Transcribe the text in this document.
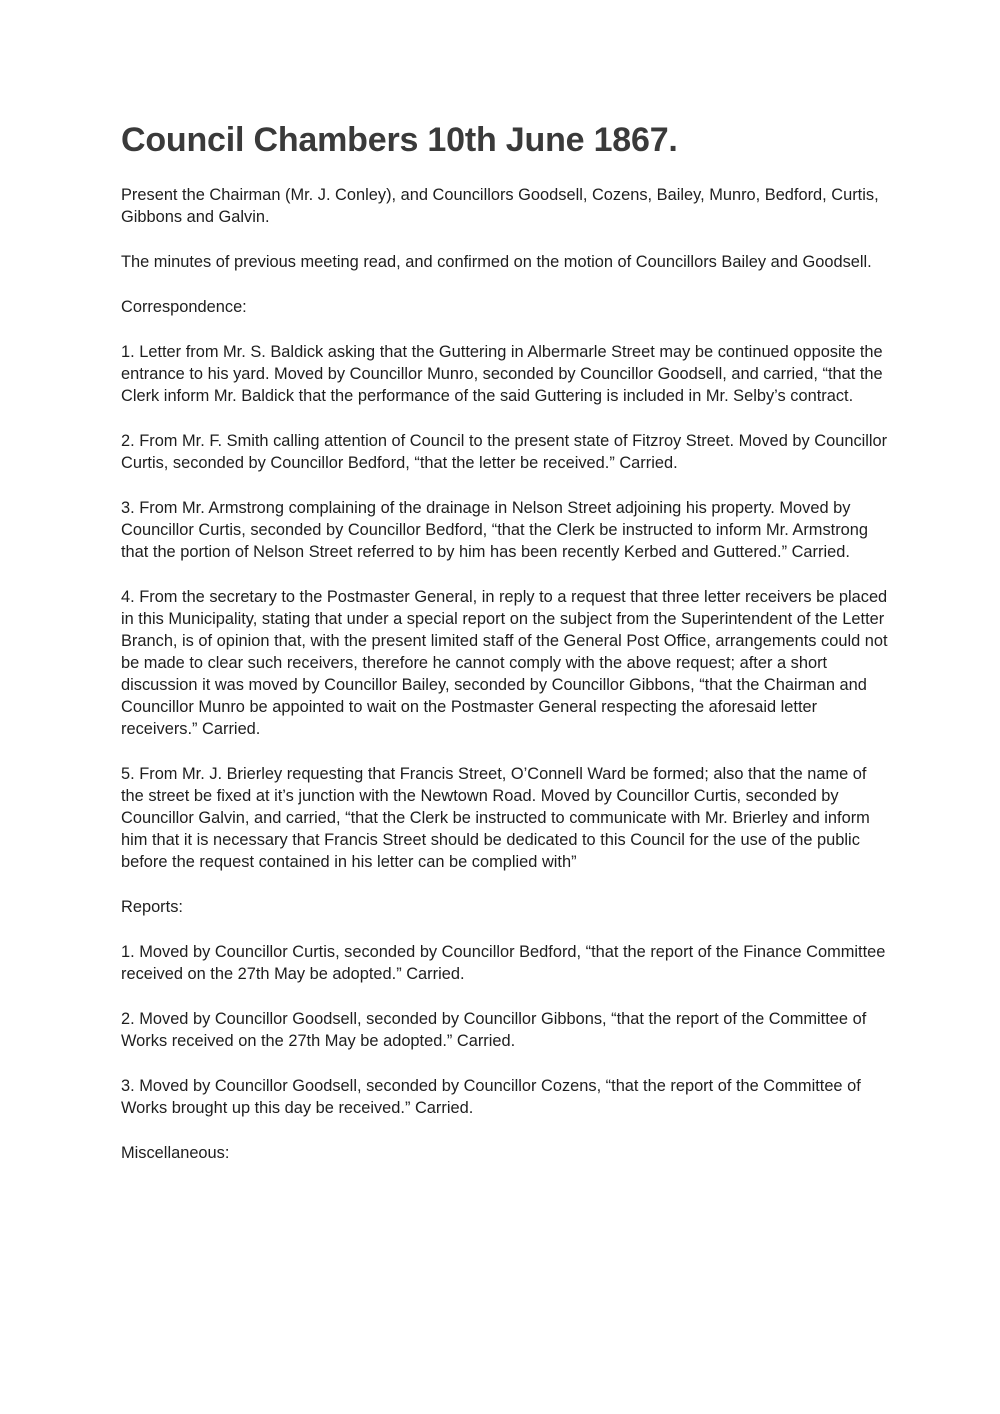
Council Chambers 10th June 1867.

Present the Chairman (Mr. J. Conley), and Councillors Goodsell, Cozens, Bailey, Munro, Bedford, Curtis, Gibbons and Galvin.

The minutes of previous meeting read, and confirmed on the motion of Councillors Bailey and Goodsell.

Correspondence:

1. Letter from Mr. S. Baldick asking that the Guttering in Albermarle Street may be continued opposite the entrance to his yard. Moved by Councillor Munro, seconded by Councillor Goodsell, and carried, “that the Clerk inform Mr. Baldick that the performance of the said Guttering is included in Mr. Selby’s contract.

2. From Mr. F. Smith calling attention of Council to the present state of Fitzroy Street. Moved by Councillor Curtis, seconded by Councillor Bedford, “that the letter be received.” Carried.

3. From Mr. Armstrong complaining of the drainage in Nelson Street adjoining his property. Moved by Councillor Curtis, seconded by Councillor Bedford, “that the Clerk be instructed to inform Mr. Armstrong that the portion of Nelson Street referred to by him has been recently Kerbed and Guttered.” Carried.

4. From the secretary to the Postmaster General, in reply to a request that three letter receivers be placed in this Municipality, stating that under a special report on the subject from the Superintendent of the Letter Branch, is of opinion that, with the present limited staff of the General Post Office, arrangements could not be made to clear such receivers, therefore he cannot comply with the above request; after a short discussion it was moved by Councillor Bailey, seconded by Councillor Gibbons, “that the Chairman and Councillor Munro be appointed to wait on the Postmaster General respecting the aforesaid letter receivers.” Carried.

5. From Mr. J. Brierley requesting that Francis Street, O’Connell Ward be formed; also that the name of the street be fixed at it’s junction with the Newtown Road. Moved by Councillor Curtis, seconded by Councillor Galvin, and carried, “that the Clerk be instructed to communicate with Mr. Brierley and inform him that it is necessary that Francis Street should be dedicated to this Council for the use of the public before the request contained in his letter can be complied with”

Reports:

1. Moved by Councillor Curtis, seconded by Councillor Bedford, “that the report of the Finance Committee received on the 27th May be adopted.” Carried.

2. Moved by Councillor Goodsell, seconded by Councillor Gibbons, “that the report of the Committee of Works received on the 27th May be adopted.” Carried.

3. Moved by Councillor Goodsell, seconded by Councillor Cozens, “that the report of the Committee of Works brought up this day be received.” Carried.

Miscellaneous:
